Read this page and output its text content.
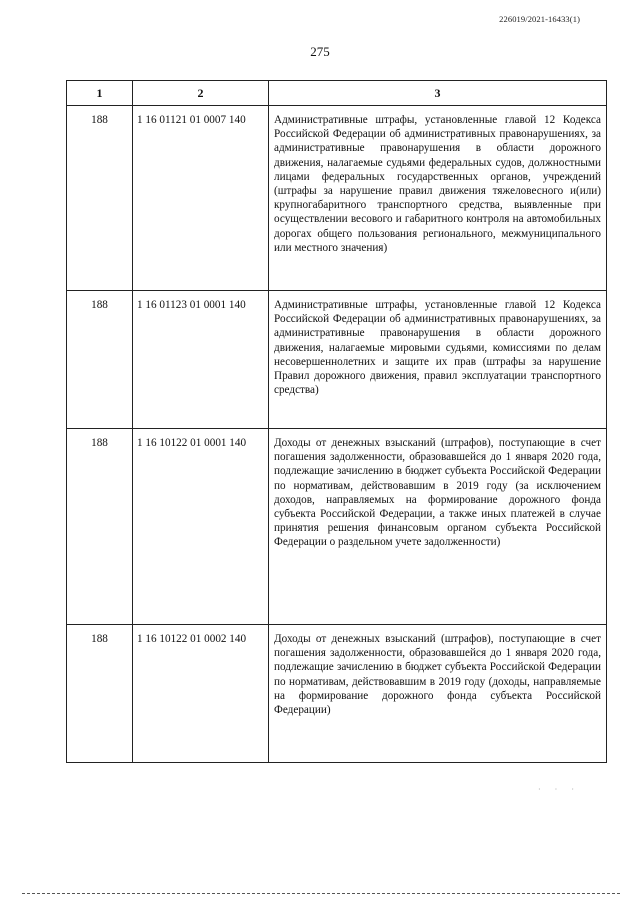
226019/2021-16433(1)
275
1	2	3
188	1 16 01121 01 0007 140	Административные штрафы, установленные главой 12 Кодекса Российской Федерации об административных правонарушениях, за административные правонарушения в области дорожного движения, налагаемые судьями федеральных судов, должностными лицами федеральных государственных органов, учреждений (штрафы за нарушение правил движения тяжеловесного и(или) крупногабаритного транспортного средства, выявленные при осуществлении весового и габаритного контроля на автомобильных дорогах общего пользования регионального, межмуниципального или местного значения)
188	1 16 01123 01 0001 140	Административные штрафы, установленные главой 12 Кодекса Российской Федерации об административных правонарушениях, за административные правонарушения в области дорожного движения, налагаемые мировыми судьями, комиссиями по делам несовершеннолетних и защите их прав (штрафы за нарушение Правил дорожного движения, правил эксплуатации транспортного средства)
188	1 16 10122 01 0001 140	Доходы от денежных взысканий (штрафов), поступающие в счет погашения задолженности, образовавшейся до 1 января 2020 года, подлежащие зачислению в бюджет субъекта Российской Федерации по нормативам, действовавшим в 2019 году (за исключением доходов, направляемых на формирование дорожного фонда субъекта Российской Федерации, а также иных платежей в случае принятия решения финансовым органом субъекта Российской Федерации о раздельном учете задолженности)
188	1 16 10122 01 0002 140	Доходы от денежных взысканий (штрафов), поступающие в счет погашения задолженности, образовавшейся до 1 января 2020 года, подлежащие зачислению в бюджет субъекта Российской Федерации по нормативам, действовавшим в 2019 году (доходы, направляемые на формирование дорожного фонда субъекта Российской Федерации)
· · ·
